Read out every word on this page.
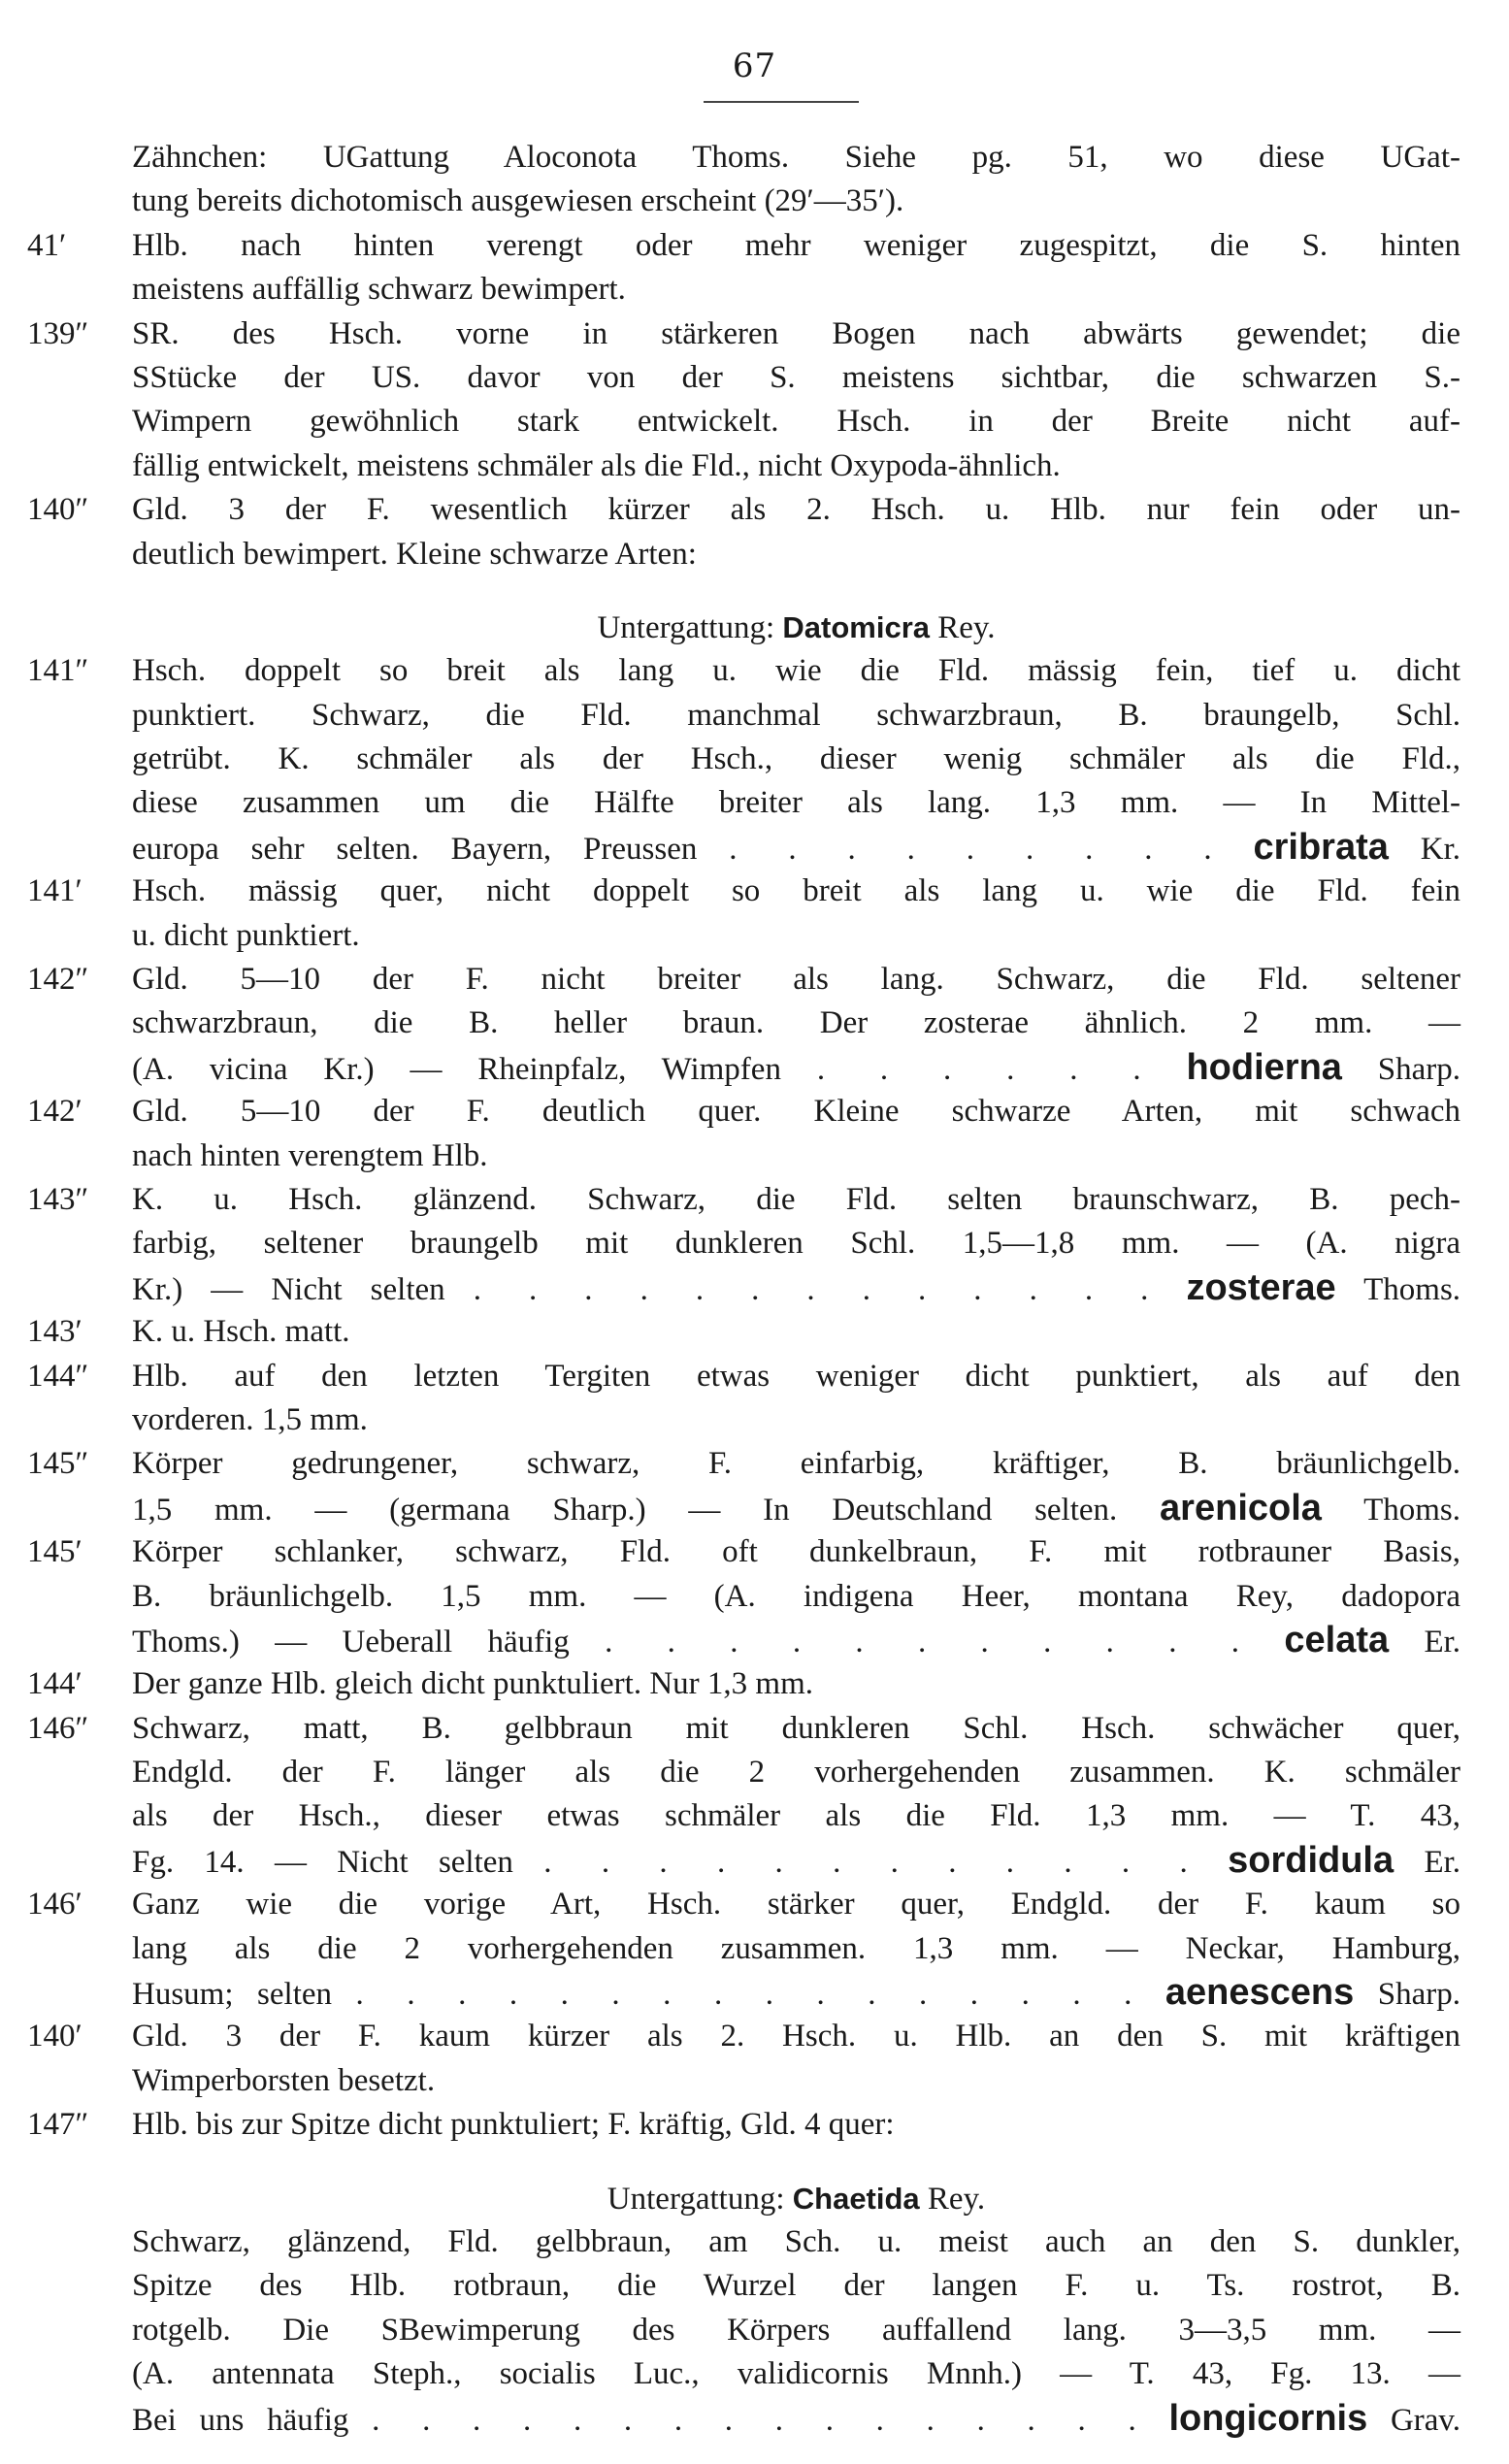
67
Zähnchen: UGattung Aloconota Thoms. Siehe pg. 51, wo diese UGat-
tung bereits dichotomisch ausgewiesen erscheint (29′—35′).
41′	Hlb. nach hinten verengt oder mehr weniger zugespitzt, die S. hinten
meistens auffällig schwarz bewimpert.
139″	SR. des Hsch. vorne in stärkeren Bogen nach abwärts gewendet; die
SStücke der US. davor von der S. meistens sichtbar, die schwarzen S.-
Wimpern gewöhnlich stark entwickelt. Hsch. in der Breite nicht auf-
fällig entwickelt, meistens schmäler als die Fld., nicht Oxypoda-ähnlich.
140″	Gld. 3 der F. wesentlich kürzer als 2. Hsch. u. Hlb. nur fein oder un-
deutlich bewimpert. Kleine schwarze Arten:
Untergattung: Datomicra Rey.
141″	Hsch. doppelt so breit als lang u. wie die Fld. mässig fein, tief u. dicht
punktiert. Schwarz, die Fld. manchmal schwarzbraun, B. braungelb, Schl.
getrübt. K. schmäler als der Hsch., dieser wenig schmäler als die Fld.,
diese zusammen um die Hälfte breiter als lang. 1,3 mm. — In Mittel-
europa sehr selten. Bayern, Preussen . . . . . . . . . cribrata Kr.
141′	Hsch. mässig quer, nicht doppelt so breit als lang u. wie die Fld. fein
u. dicht punktiert.
142″	Gld. 5—10 der F. nicht breiter als lang. Schwarz, die Fld. seltener
schwarzbraun, die B. heller braun. Der zosterae ähnlich. 2 mm. —
(A. vicina Kr.) — Rheinpfalz, Wimpfen . . . . . . hodierna Sharp.
142′	Gld. 5—10 der F. deutlich quer. Kleine schwarze Arten, mit schwach
nach hinten verengtem Hlb.
143″	K. u. Hsch. glänzend. Schwarz, die Fld. selten braunschwarz, B. pech-
farbig, seltener braungelb mit dunkleren Schl. 1,5—1,8 mm. — (A. nigra
Kr.) — Nicht selten . . . . . . . . . . . . . zosterae Thoms.
143′	K. u. Hsch. matt.
144″	Hlb. auf den letzten Tergiten etwas weniger dicht punktiert, als auf den
vorderen. 1,5 mm.
145″	Körper gedrungener, schwarz, F. einfarbig, kräftiger, B. bräunlichgelb.
1,5 mm. — (germana Sharp.) — In Deutschland selten. arenicola Thoms.
145′	Körper schlanker, schwarz, Fld. oft dunkelbraun, F. mit rotbrauner Basis,
B. bräunlichgelb. 1,5 mm. — (A. indigena Heer, montana Rey, dadopora
Thoms.) — Ueberall häufig . . . . . . . . . . . celata Er.
144′	Der ganze Hlb. gleich dicht punktuliert. Nur 1,3 mm.
146″	Schwarz, matt, B. gelbbraun mit dunkleren Schl. Hsch. schwächer quer,
Endgld. der F. länger als die 2 vorhergehenden zusammen. K. schmäler
als der Hsch., dieser etwas schmäler als die Fld. 1,3 mm. — T. 43,
Fg. 14. — Nicht selten . . . . . . . . . . . . sordidula Er.
146′	Ganz wie die vorige Art, Hsch. stärker quer, Endgld. der F. kaum so
lang als die 2 vorhergehenden zusammen. 1,3 mm. — Neckar, Hamburg,
Husum; selten . . . . . . . . . . . . . . . . aenescens Sharp.
140′	Gld. 3 der F. kaum kürzer als 2. Hsch. u. Hlb. an den S. mit kräftigen
Wimperborsten besetzt.
147″	Hlb. bis zur Spitze dicht punktuliert; F. kräftig, Gld. 4 quer:
Untergattung: Chaetida Rey.
Schwarz, glänzend, Fld. gelbbraun, am Sch. u. meist auch an den S. dunkler,
Spitze des Hlb. rotbraun, die Wurzel der langen F. u. Ts. rostrot, B.
rotgelb. Die SBewimperung des Körpers auffallend lang. 3—3,5 mm. —
(A. antennata Steph., socialis Luc., validicornis Mnnh.) — T. 43, Fg. 13. —
Bei uns häufig . . . . . . . . . . . . . . . . longicornis Grav.
